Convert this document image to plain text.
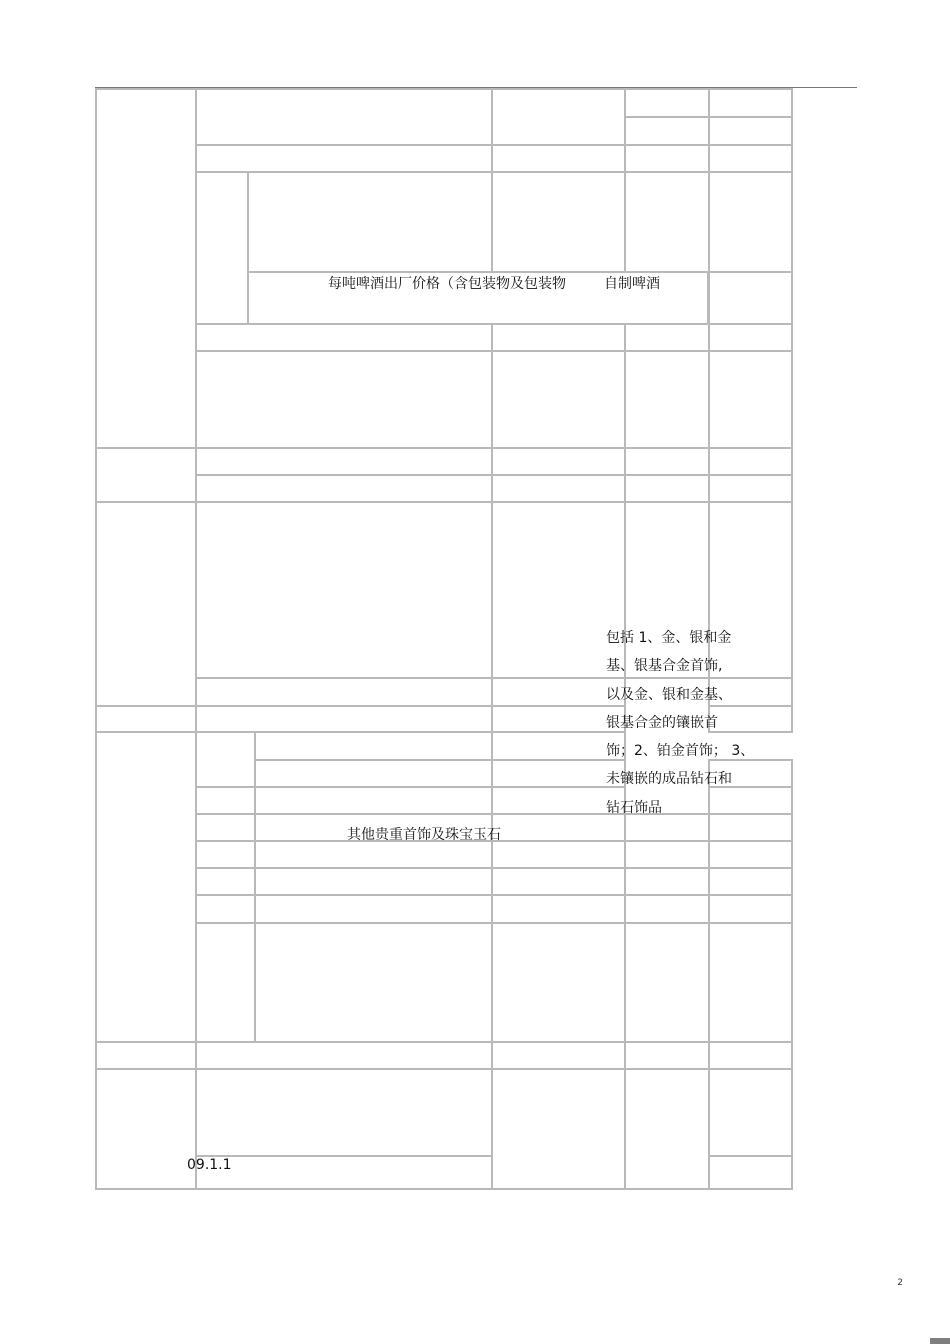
每吨啤酒出厂价格（含包装物及包装物	自制啤酒
其他贵重首饰及珠宝玉石
09.1.1
包括 1、金、银和金
基、银基合金首饰,
以及金、银和金基、
银基合金的镶嵌首
饰；2、铂金首饰； 3、
未镶嵌的成品钻石和
钻石饰品
2
